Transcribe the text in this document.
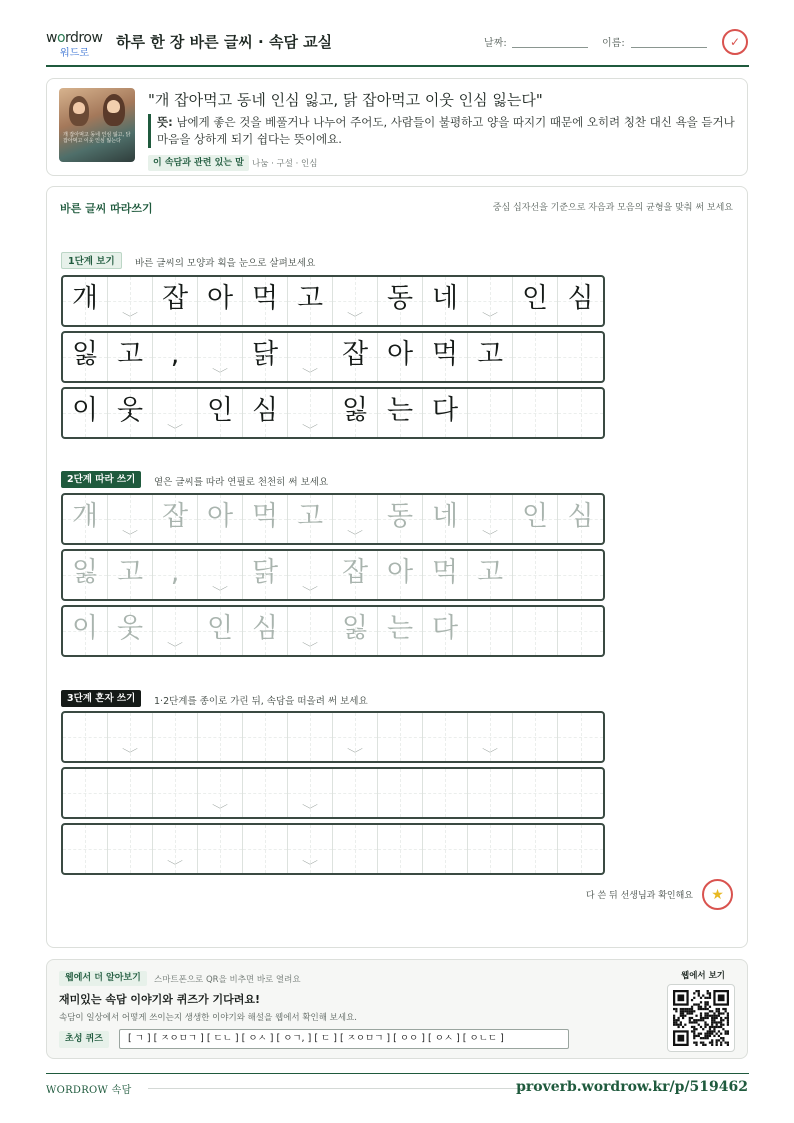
wordrow
워드로
하루 한 장 바른 글씨 · 속담 교실	날짜:	이름:	✓
개 잡아먹고 동네 인심 잃고, 닭 잡아먹고 이웃 인심 잃는다
"개 잡아먹고 동네 인심 잃고, 닭 잡아먹고 이웃 인심 잃는다"
뜻: 남에게 좋은 것을 베풀거나 나누어 주어도, 사람들이 불평하고 양을 따지기 때문에 오히려 칭찬 대신 욕을 듣거나 마음을 상하게 되기 쉽다는 뜻이에요.
이 속담과 관련 있는 말 나눔 · 구설 · 인심
바른 글씨 따라쓰기	중심 십자선을 기준으로 자음과 모음의 균형을 맞춰 써 보세요
1단계 보기	바른 글씨의 모양과 획을 눈으로 살펴보세요
개
﹀
잡 아 먹 고
﹀
동 네
﹀
인 심
잃 고	,
﹀
닭
﹀
잡 아 먹 고
이 웃
﹀
인 심
﹀
잃 는 다
2단계 따라 쓰기	옅은 글씨를 따라 연필로 천천히 써 보세요
개
﹀
잡 아 먹 고
﹀
동 네
﹀
인 심
잃 고	,
﹀
닭
﹀
잡 아 먹 고
이 웃
﹀
인 심
﹀
잃 는 다
3단계 혼자 쓰기	1·2단계를 종이로 가린 뒤, 속담을 떠올려 써 보세요
﹀	﹀	﹀
﹀	﹀
﹀	﹀
다 쓴 뒤 선생님과 확인해요	★
웹에서 더 알아보기	스마트폰으로 QR을 비추면 바로 열려요
재미있는 속담 이야기와 퀴즈가 기다려요!
속담이 일상에서 어떻게 쓰이는지 생생한 이야기와 해설을 웹에서 확인해 보세요.
초성 퀴즈	[ ㄱ ] [ ㅈㅇㅁㄱ ] [ ㄷㄴ ] [ ㅇㅅ ] [ ㅇㄱ, ] [ ㄷ ] [ ㅈㅇㅁㄱ ] [ ㅇㅇ ] [ ㅇㅅ ] [ ㅇㄴㄷ ]
웹에서 보기
WORDROW 속담	proverb.wordrow.kr/p/519462
